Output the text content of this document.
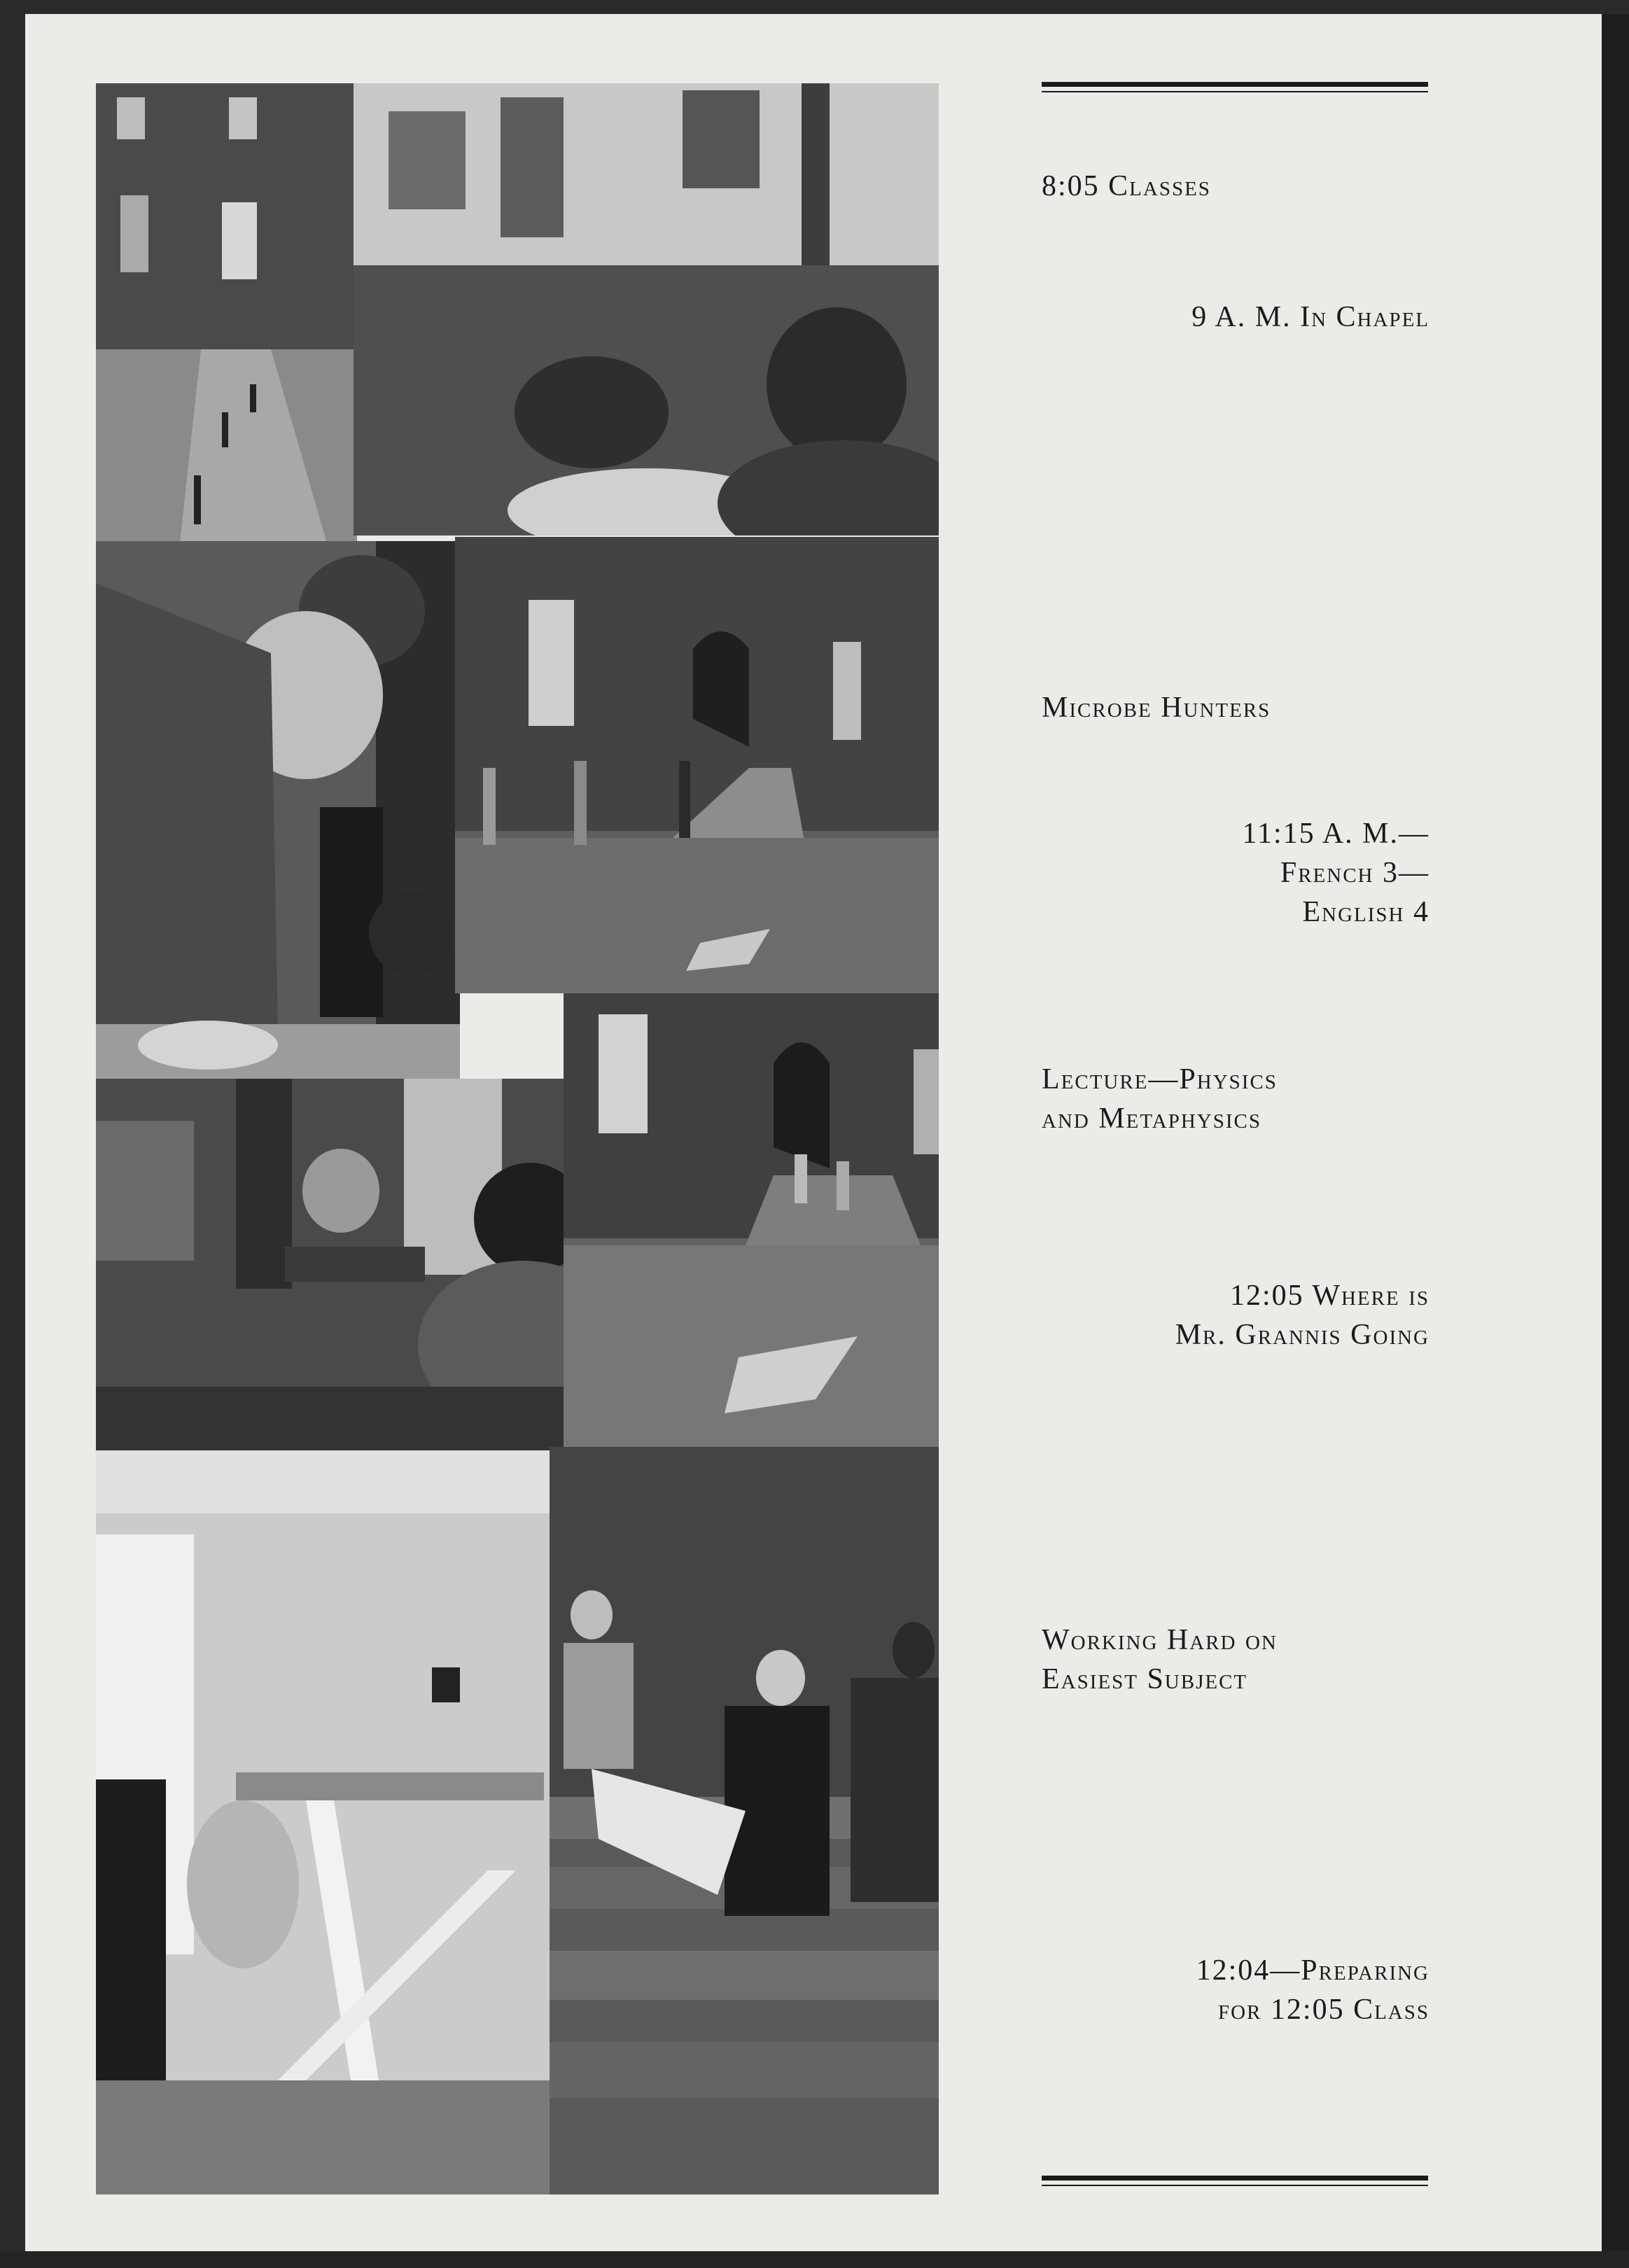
8:05 Classes
9 A. M. In Chapel
Microbe Hunters
11:15 A. M.—
French 3—
English 4
Lecture—Physics
and Metaphysics
12:05 Where is
Mr. Grannis Going
Working Hard on
Easiest Subject
12:04—Preparing
for 12:05 Class
